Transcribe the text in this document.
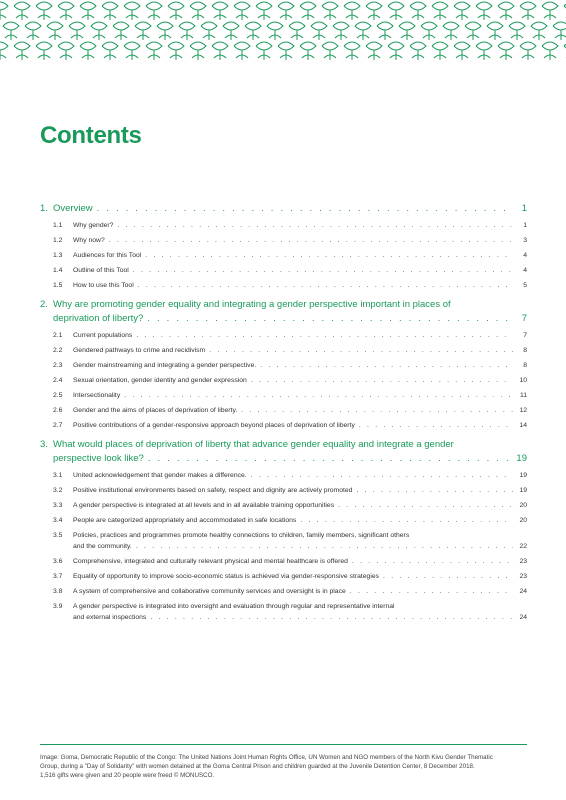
Contents
1. Overview . . .	1
1.1	Why gender? . . .	1
1.2	Why now? . . .	3
1.3	Audiences for this Tool . . .	4
1.4	Outline of this Tool . . .	4
1.5	How to use this Tool . . .	5
2. Why are promoting gender equality and integrating a gender perspective important in places of
deprivation of liberty? . . .	7
2.1	Current populations . . .	7
2.2	Gendered pathways to crime and recidivism . . .	8
2.3	Gender mainstreaming and integrating a gender perspective. . . .	8
2.4	Sexual orientation, gender identity and gender expression . . .	10
2.5	Intersectionality . . .	11
2.6	Gender and the aims of places of deprivation of liberty. . . .	12
2.7	Positive contributions of a gender-responsive approach beyond places of deprivation of liberty . . .	14
3. What would places of deprivation of liberty that advance gender equality and integrate a gender
perspective look like? . . .	19
3.1	United acknowledgement that gender makes a difference. . . .	19
3.2	Positive institutional environments based on safety, respect and dignity are actively promoted . . .	19
3.3	A gender perspective is integrated at all levels and in all available training opportunities . . .	20
3.4	People are categorized appropriately and accommodated in safe locations . . .	20
3.5	Policies, practices and programmes promote healthy connections to children, family members, significant others
and the community. . . .	22
3.6	Comprehensive, integrated and culturally relevant physical and mental healthcare is offered . . .	23
3.7	Equality of opportunity to improve socio-economic status is achieved via gender-responsive strategies . . .	23
3.8	A system of comprehensive and collaborative community services and oversight is in place . . .	24
3.9	A gender perspective is integrated into oversight and evaluation through regular and representative internal
and external inspections . . .	24
Image: Goma, Democratic Republic of the Congo: The United Nations Joint Human Rights Office, UN Women and NGO members of the North Kivu Gender Thematic
Group, during a "Day of Solidarity" with women detained at the Goma Central Prison and children guarded at the Juvenile Detention Center, 8 December 2018.
1,516 gifts were given and 20 people were freed © MONUSCO.
